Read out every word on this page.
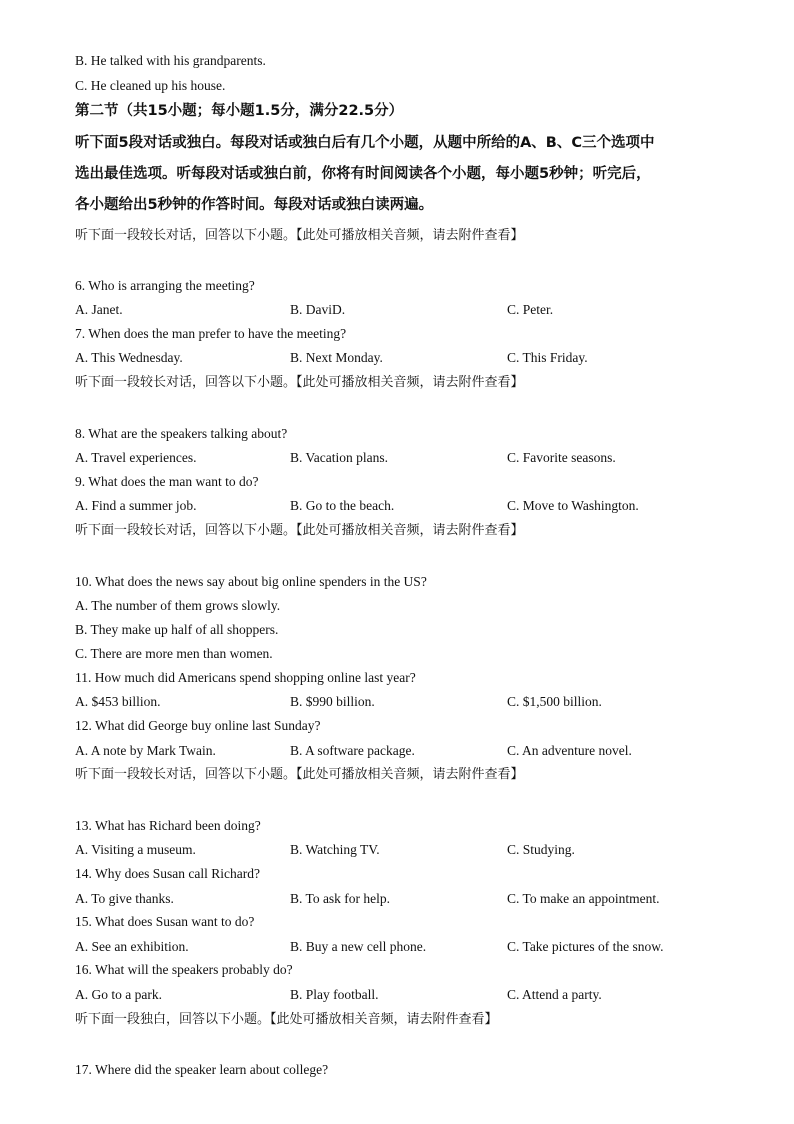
B. He talked with his grandparents.
C. He cleaned up his house.
第二节（共15小题；每小题1.5分，满分22.5分）
听下面5段对话或独白。每段对话或独白后有几个小题，从题中所给的A、B、C三个选项中
选出最佳选项。听每段对话或独白前，你将有时间阅读各个小题，每小题5秒钟；听完后，
各小题给出5秒钟的作答时间。每段对话或独白读两遍。
听下面一段较长对话，回答以下小题。【此处可播放相关音频，请去附件查看】
6. Who is arranging the meeting?
A. Janet.	B. DaviD.	C. Peter.
7. When does the man prefer to have the meeting?
A. This Wednesday.	B. Next Monday.	C. This Friday.
听下面一段较长对话，回答以下小题。【此处可播放相关音频，请去附件查看】
8. What are the speakers talking about?
A. Travel experiences.	B. Vacation plans.	C. Favorite seasons.
9. What does the man want to do?
A. Find a summer job.	B. Go to the beach.	C. Move to Washington.
听下面一段较长对话，回答以下小题。【此处可播放相关音频，请去附件查看】
10. What does the news say about big online spenders in the US?
A. The number of them grows slowly.
B. They make up half of all shoppers.
C. There are more men than women.
11. How much did Americans spend shopping online last year?
A. $453 billion.	B. $990 billion.	C. $1,500 billion.
12. What did George buy online last Sunday?
A. A note by Mark Twain.	B. A software package.	C. An adventure novel.
听下面一段较长对话，回答以下小题。【此处可播放相关音频，请去附件查看】
13. What has Richard been doing?
A. Visiting a museum.	B. Watching TV.	C. Studying.
14. Why does Susan call Richard?
A. To give thanks.	B. To ask for help.	C. To make an appointment.
15. What does Susan want to do?
A. See an exhibition.	B. Buy a new cell phone.	C. Take pictures of the snow.
16. What will the speakers probably do?
A. Go to a park.	B. Play football.	C. Attend a party.
听下面一段独白，回答以下小题。【此处可播放相关音频，请去附件查看】
17. Where did the speaker learn about college?
